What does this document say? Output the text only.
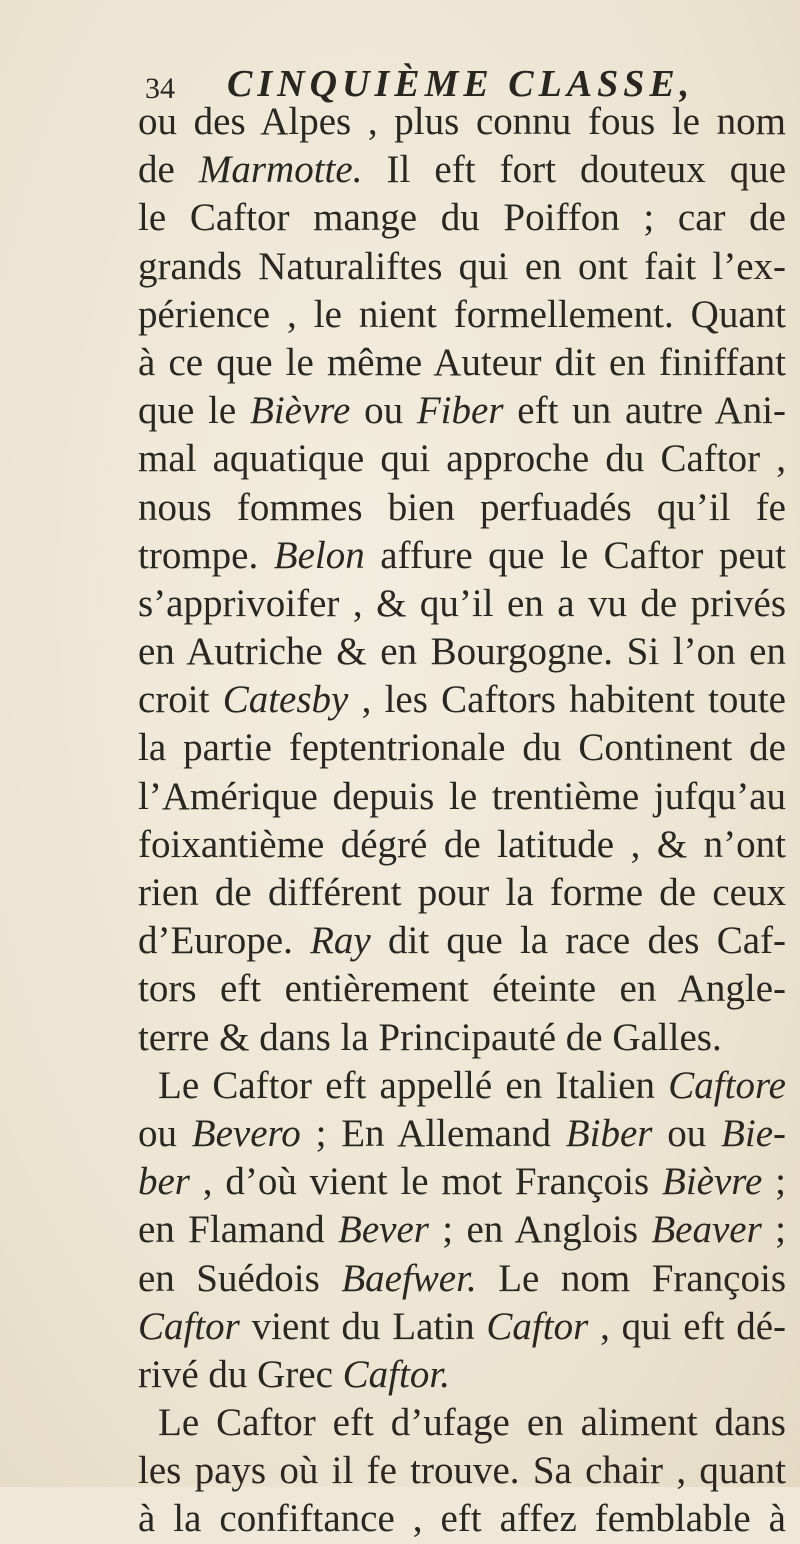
34 CINQUIÈME CLASSE,
ou des Alpes , plus connu fous le nom
de Marmotte. Il eft fort douteux que
le Caftor mange du Poiffon ; car de
grands Naturaliftes qui en ont fait l’ex-
périence , le nient formellement. Quant
à ce que le même Auteur dit en finiffant
que le Bièvre ou Fiber eft un autre Ani-
mal aquatique qui approche du Caftor ,
nous fommes bien perfuadés qu’il fe
trompe. Belon affure que le Caftor peut
s’apprivoifer , & qu’il en a vu de privés
en Autriche & en Bourgogne. Si l’on en
croit Catesby , les Caftors habitent toute
la partie feptentrionale du Continent de
l’Amérique depuis le trentième jufqu’au
foixantième dégré de latitude , & n’ont
rien de différent pour la forme de ceux
d’Europe. Ray dit que la race des Caf-
tors eft entièrement éteinte en Angle-
terre & dans la Principauté de Galles.
Le Caftor eft appellé en Italien Caftore
ou Bevero ; En Allemand Biber ou Bie-
ber , d’où vient le mot François Bièvre ;
en Flamand Bever ; en Anglois Beaver ;
en Suédois Baefwer. Le nom François
Caftor vient du Latin Caftor , qui eft dé-
rivé du Grec Caftor.
Le Caftor eft d’ufage en aliment dans
les pays où il fe trouve. Sa chair , quant
à la confiftance , eft affez femblable à
